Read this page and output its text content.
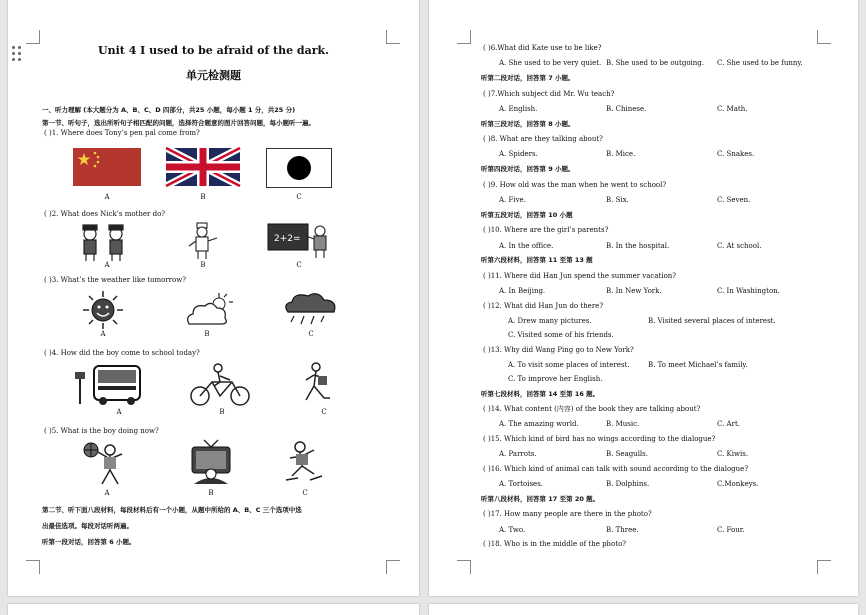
Unit 4 I used to be afraid of the dark.
单元检测题
一、听力理解 (本大题分为 A、B、C、D 四部分，共25 小题，每小题 1 分，共25 分)
第一节、听句子，选出所听句子相匹配的问题，选择符合题意的图片回答问题，每小题听一遍。
( )1. Where does Tony’s pen pal come from?
A	B	C
( )2. What does Nick’s mother do?
2+2=
A	B	C
( )3. What’s the weather like tomorrow?
A	B	C
( )4. How did the boy come to school today?
A	B	C
( )5. What is the boy doing now?
A	B	C
第二节、听下面八段材料，每段材料后有一个小题，从题中所给的 A、B、C 三个选项中选
出最佳选项。每段对话听两遍。
听第一段对话，回答第 6 小题。
( )6.What did Kate use to be like?
A. She used to be very quiet. B. She used to be outgoing. C. She used to be funny.
听第二段对话，回答第 7 小题。
( )7.Which subject did Mr. Wu teach?
A. English.	B. Chinese.	C. Math.
听第三段对话，回答第 8 小题。
( )8. What are they talking about?
A. Spiders.	B. Mice.	C. Snakes.
听第四段对话，回答第 9 小题。
( )9. How old was the man when he went to school?
A. Five.	B. Six.	C. Seven.
听第五段对话，回答第 10 小题
( )10. Where are the girl’s parents?
A. In the office.	B. In the hospital.	C. At school.
听第六段材料，回答第 11 至第 13 题
( )11. Where did Han Jun spend the summer vacation?
A. In Beijing.	B. In New York.	C. In Washington.
( )12. What did Han Jun do there?
A. Drew many pictures.	B. Visited several places of interest.
C. Visited some of his friends.
( )13. Why did Wang Ping go to New York?
A. To visit some places of interest.	B. To meet Michael’s family.
C. To improve her English.
听第七段材料，回答第 14 至第 16 题。
( )14. What content (内容) of the book they are talking about?
A. The amazing world.	B. Music.	C. Art.
( )15. Which kind of bird has no wings according to the dialogue?
A. Parrots.	B. Seagulls.	C. Kiwis.
( )16. Which kind of animal can talk with sound according to the dialogue?
A. Tortoises.	B. Dolphins.	C.Monkeys.
听第八段材料，回答第 17 至第 20 题。
( )17. How many people are there in the photo?
A. Two.	B. Three.	C. Four.
( )18. Who is in the middle of the photo?
